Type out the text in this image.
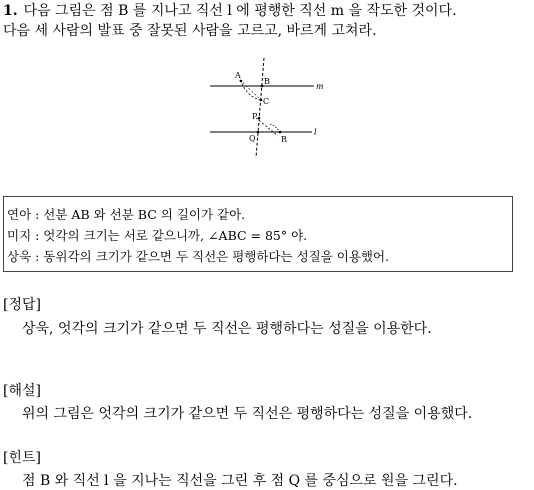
1. 다음 그림은 점 B 를 지나고 직선 l 에 평행한 직선 m 을 작도한 것이다.
다음 세 사람의 발표 중 잘못된 사람을 고르고, 바르게 고쳐라.
A
B
C
P
Q	R
m
l
연아 : 선분 AB 와 선분 BC 의 길이가 같아.
미지 : 엇각의 크기는 서로 같으니까, ∠ABC = 85° 야.
상욱 : 동위각의 크기가 같으면 두 직선은 평행하다는 성질을 이용했어.
[정답]
상욱, 엇각의 크기가 같으면 두 직선은 평행하다는 성질을 이용한다.
[해설]
위의 그림은 엇각의 크기가 같으면 두 직선은 평행하다는 성질을 이용했다.
[힌트]
점 B 와 직선 l 을 지나는 직선을 그린 후 점 Q 를 중심으로 원을 그린다.
